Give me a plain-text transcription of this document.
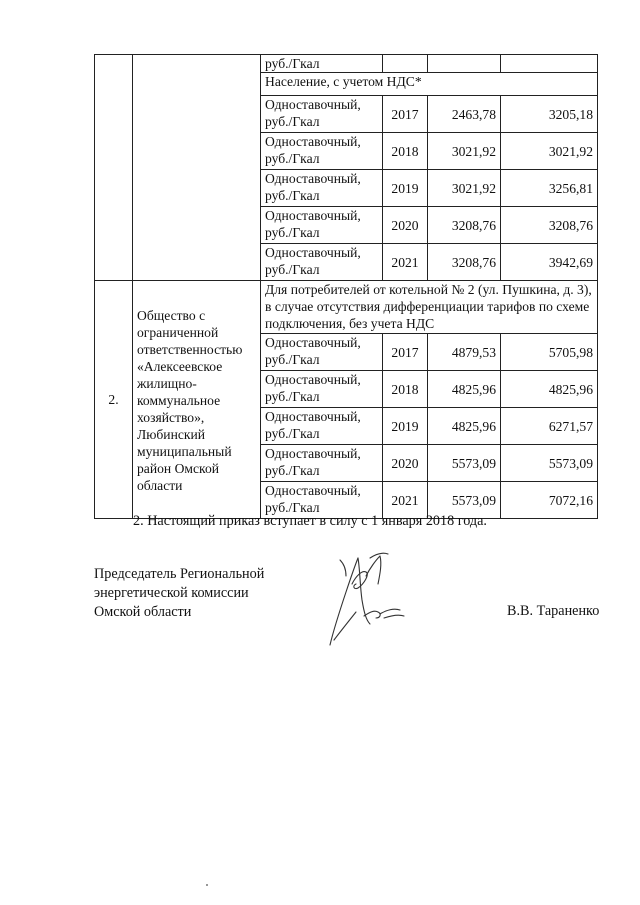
		руб./Гкал			
		Население, с учетом НДС*			
		Одноставочный, руб./Гкал	2017	2463,78	3205,18
		Одноставочный, руб./Гкал	2018	3021,92	3021,92
		Одноставочный, руб./Гкал	2019	3021,92	3256,81
		Одноставочный, руб./Гкал	2020	3208,76	3208,76
		Одноставочный, руб./Гкал	2021	3208,76	3942,69
2.	Общество с ограниченной ответственностью «Алексеевское жилищно-коммунальное хозяйство», Любинский муниципальный район Омской области	Для потребителей от котельной № 2 (ул. Пушкина, д. 3), в случае отсутствия дифференциации тарифов по схеме подключения, без учета НДС			
		Одноставочный, руб./Гкал	2017	4879,53	5705,98
		Одноставочный, руб./Гкал	2018	4825,96	4825,96
		Одноставочный, руб./Гкал	2019	4825,96	6271,57
		Одноставочный, руб./Гкал	2020	5573,09	5573,09
		Одноставочный, руб./Гкал	2021	5573,09	7072,16
2. Настоящий приказ вступает в силу с 1 января 2018 года.
Председатель Региональной
энергетической комиссии
Омской области	В.В. Тараненко
